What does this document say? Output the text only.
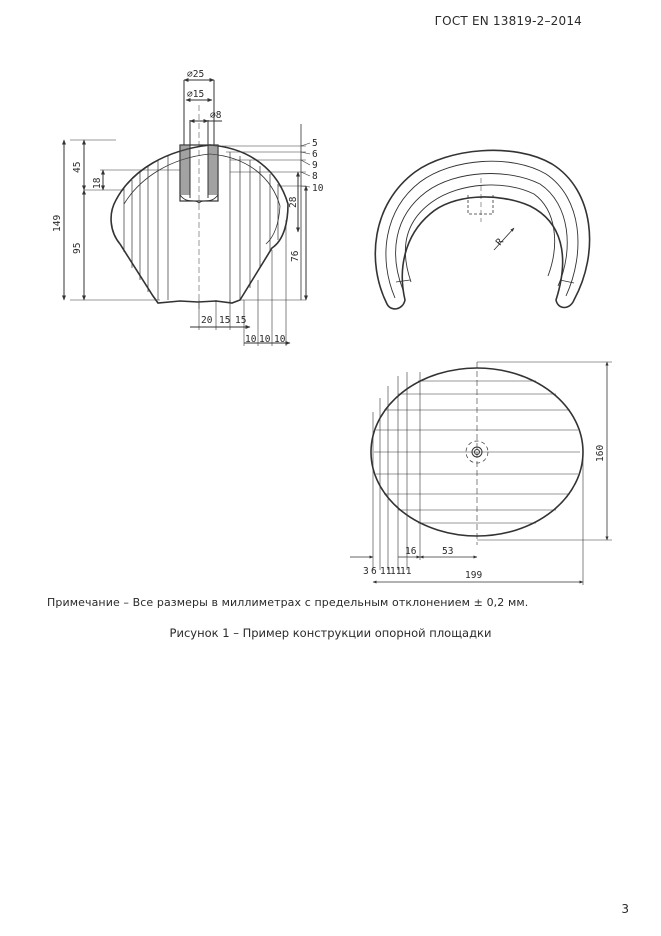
ГОСТ EN 13819-2–2014
⌀25
⌀15
⌀8
45
18
149
95
5
6
9
8
10
28
76
20 15 15
10 10 10
R
160
199
53
16
3 6 11
11
11
Примечание – Все размеры в миллиметрах с предельным отклонением ± 0,2 мм.
Рисунок 1 – Пример конструкции опорной площадки
3
